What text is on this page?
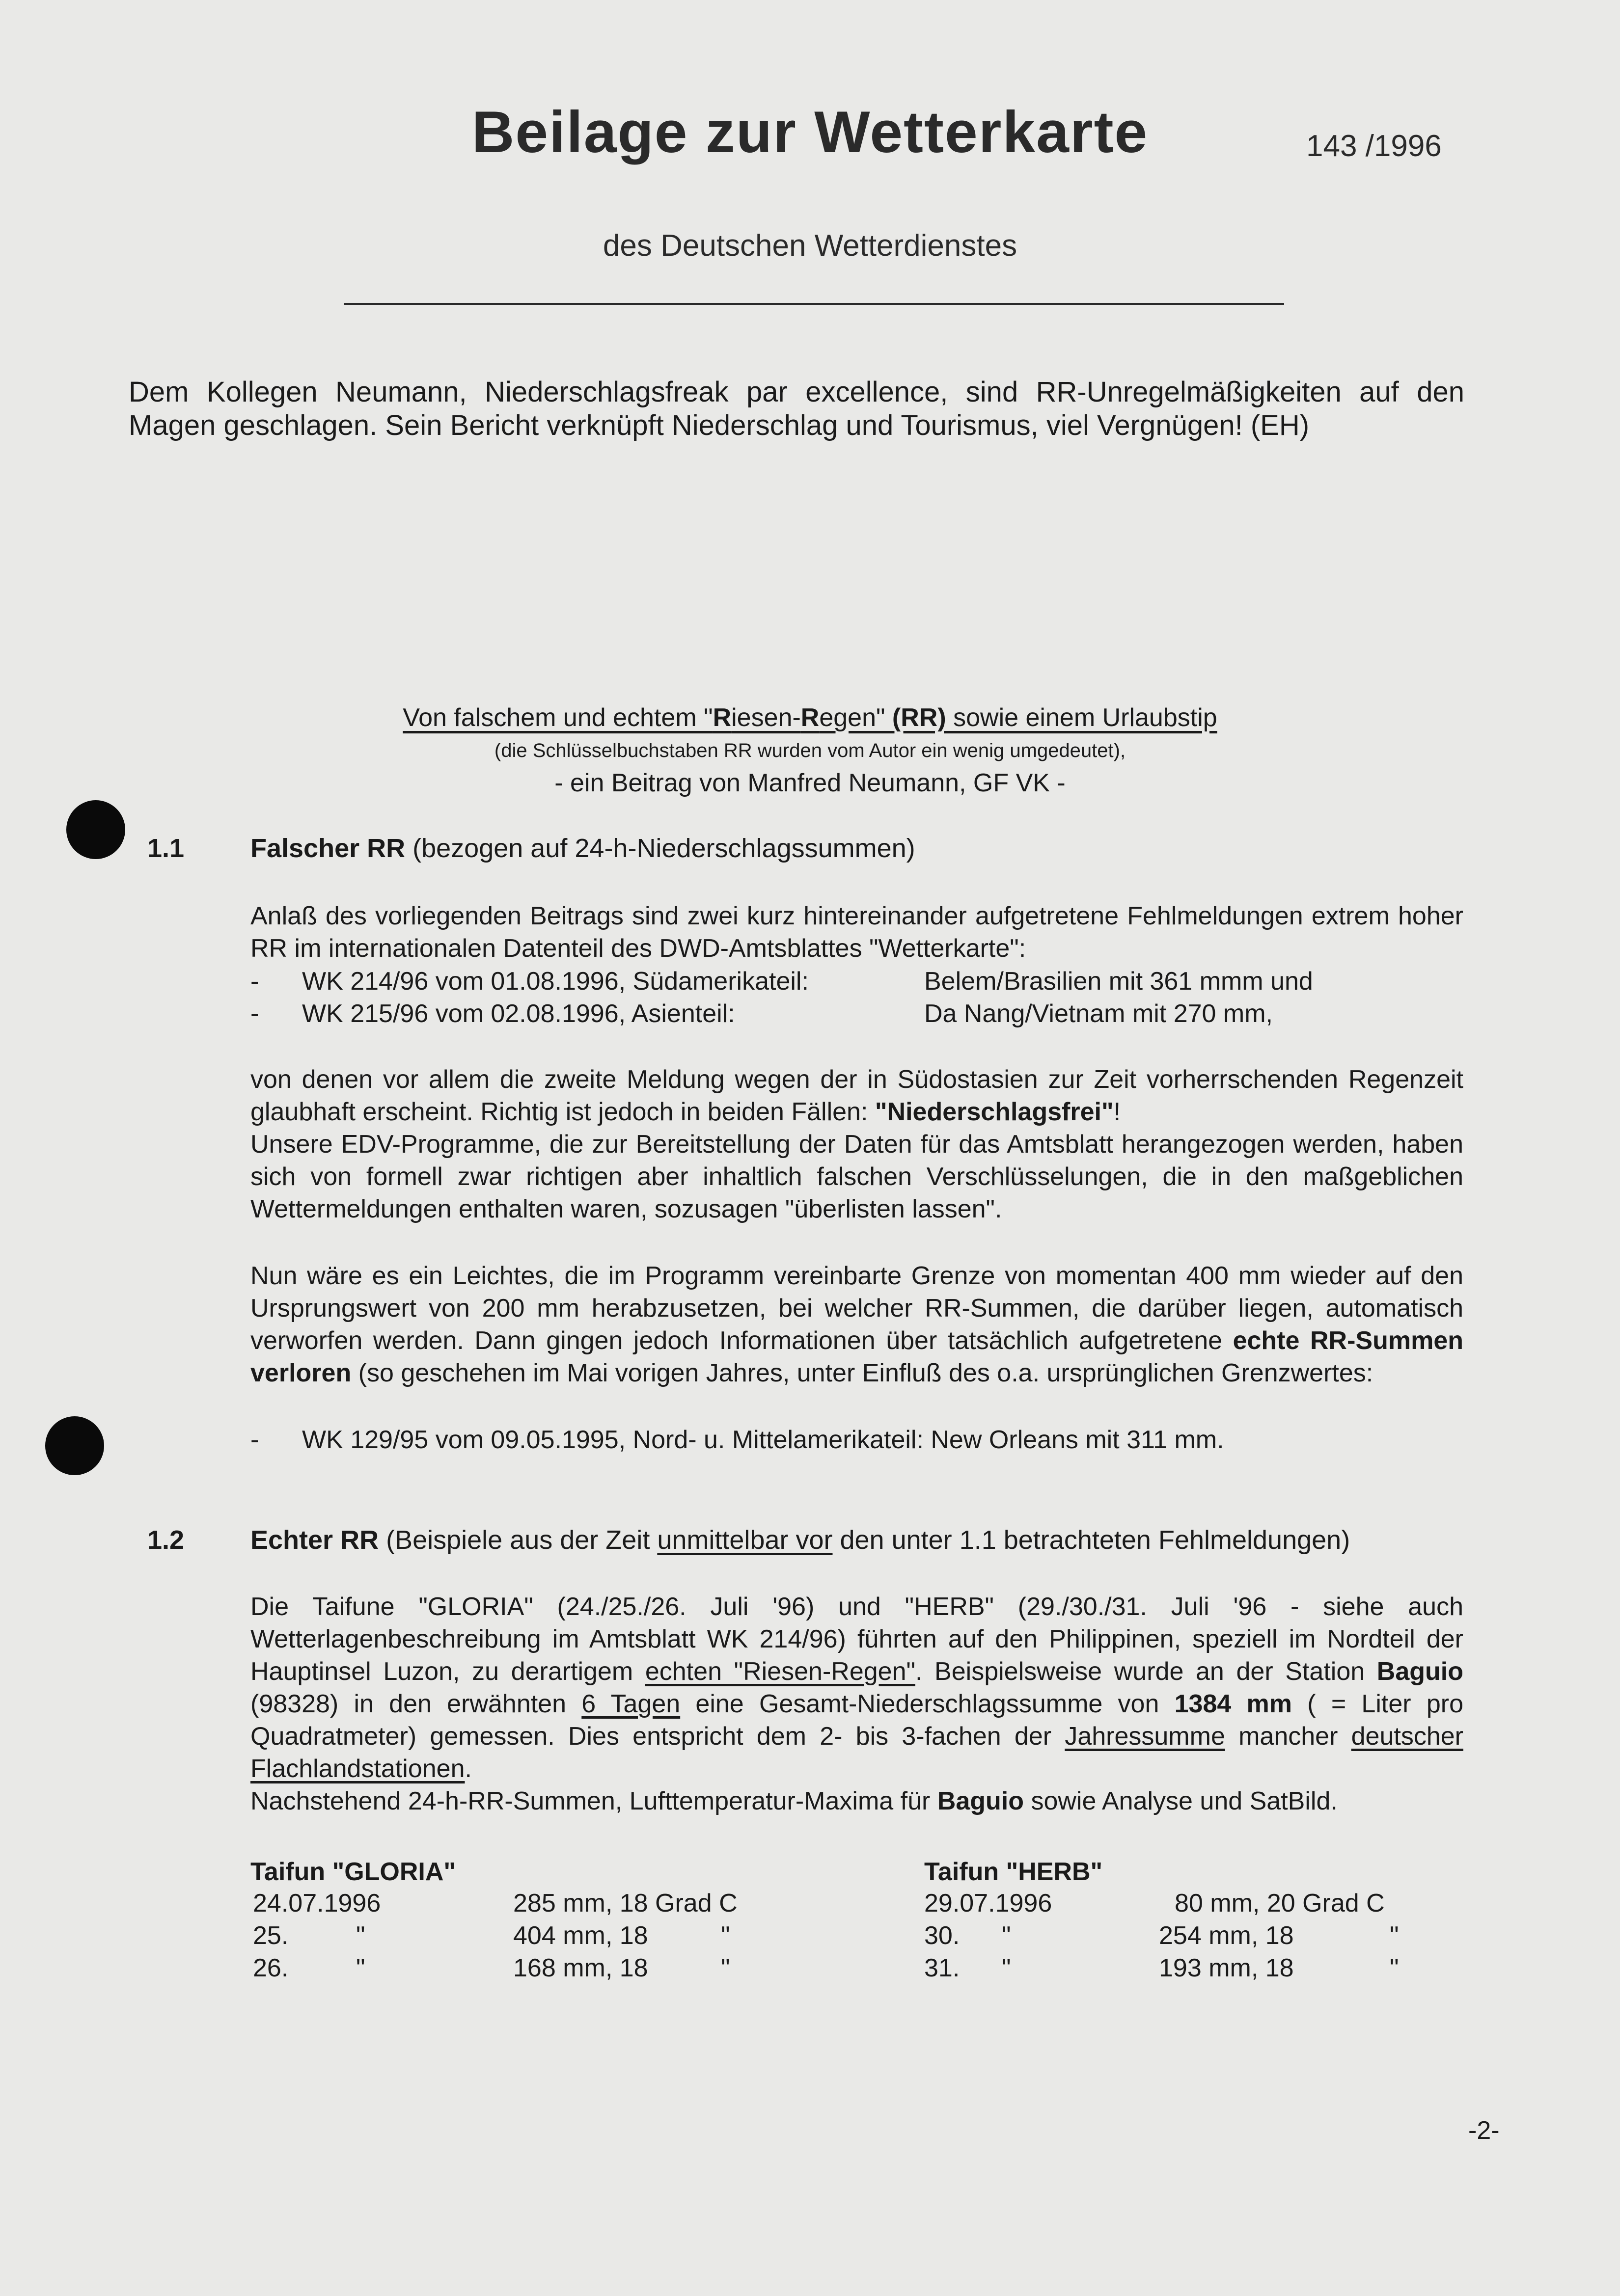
Beilage zur Wetterkarte	143 /1996
des Deutschen Wetterdienstes
Dem Kollegen Neumann, Niederschlagsfreak par excellence, sind RR-Unregelmäßigkeiten auf den Magen geschlagen. Sein Bericht verknüpft Niederschlag und Tourismus, viel Vergnügen! (EH)
Von falschem und echtem "Riesen-Regen" (RR) sowie einem Urlaubstip
(die Schlüsselbuchstaben RR wurden vom Autor ein wenig umgedeutet),
- ein Beitrag von Manfred Neumann, GF VK -
1.1 Falscher RR (bezogen auf 24-h-Niederschlagssummen)
Anlaß des vorliegenden Beitrags sind zwei kurz hintereinander aufgetretene Fehlmeldungen extrem hoher RR im internationalen Datenteil des DWD-Amtsblattes "Wetterkarte":
- WK 214/96 vom 01.08.1996, Südamerikateil:	Belem/Brasilien mit 361 mmm und
- WK 215/96 vom 02.08.1996, Asienteil:	Da Nang/Vietnam mit 270 mm,

von denen vor allem die zweite Meldung wegen der in Südostasien zur Zeit vorherrschenden Regenzeit glaubhaft erscheint. Richtig ist jedoch in beiden Fällen: "Niederschlagsfrei"!

Unsere EDV-Programme, die zur Bereitstellung der Daten für das Amtsblatt herangezogen werden, haben sich von formell zwar richtigen aber inhaltlich falschen Verschlüsselungen, die in den maßgeblichen Wettermeldungen enthalten waren, sozusagen "überlisten lassen".

Nun wäre es ein Leichtes, die im Programm vereinbarte Grenze von momentan 400 mm wieder auf den Ursprungswert von 200 mm herabzusetzen, bei welcher RR-Summen, die darüber liegen, automatisch verworfen werden. Dann gingen jedoch Informationen über tatsächlich aufgetretene echte RR-Summen verloren (so geschehen im Mai vorigen Jahres, unter Einfluß des o.a. ursprünglichen Grenzwertes:
- WK 129/95 vom 09.05.1995, Nord- u. Mittelamerikateil: New Orleans mit 311 mm.
1.2 Echter RR (Beispiele aus der Zeit unmittelbar vor den unter 1.1 betrachteten Fehlmeldungen)

Die Taifune "GLORIA" (24./25./26. Juli '96) und "HERB" (29./30./31. Juli '96 - siehe auch Wetterlagenbeschreibung im Amtsblatt WK 214/96) führten auf den Philippinen, speziell im Nordteil der Hauptinsel Luzon, zu derartigem echten "Riesen-Regen". Beispielsweise wurde an der Station Baguio (98328) in den erwähnten 6 Tagen eine Gesamt-Niederschlagssumme von 1384 mm ( = Liter pro Quadratmeter) gemessen. Dies entspricht dem 2- bis 3-fachen der Jahressumme mancher deutscher Flachlandstationen.

Nachstehend 24-h-RR-Summen, Lufttemperatur-Maxima für Baguio sowie Analyse und SatBild.

Taifun "GLORIA"
24.07.1996	285 mm, 18 Grad C
25.	"	404 mm, 18	"
26.	"	168 mm, 18	"
Taifun "HERB"
29.07.1996	80 mm, 20 Grad C
30. "	254 mm, 18	"
31. "	193 mm, 18	"
-2-
